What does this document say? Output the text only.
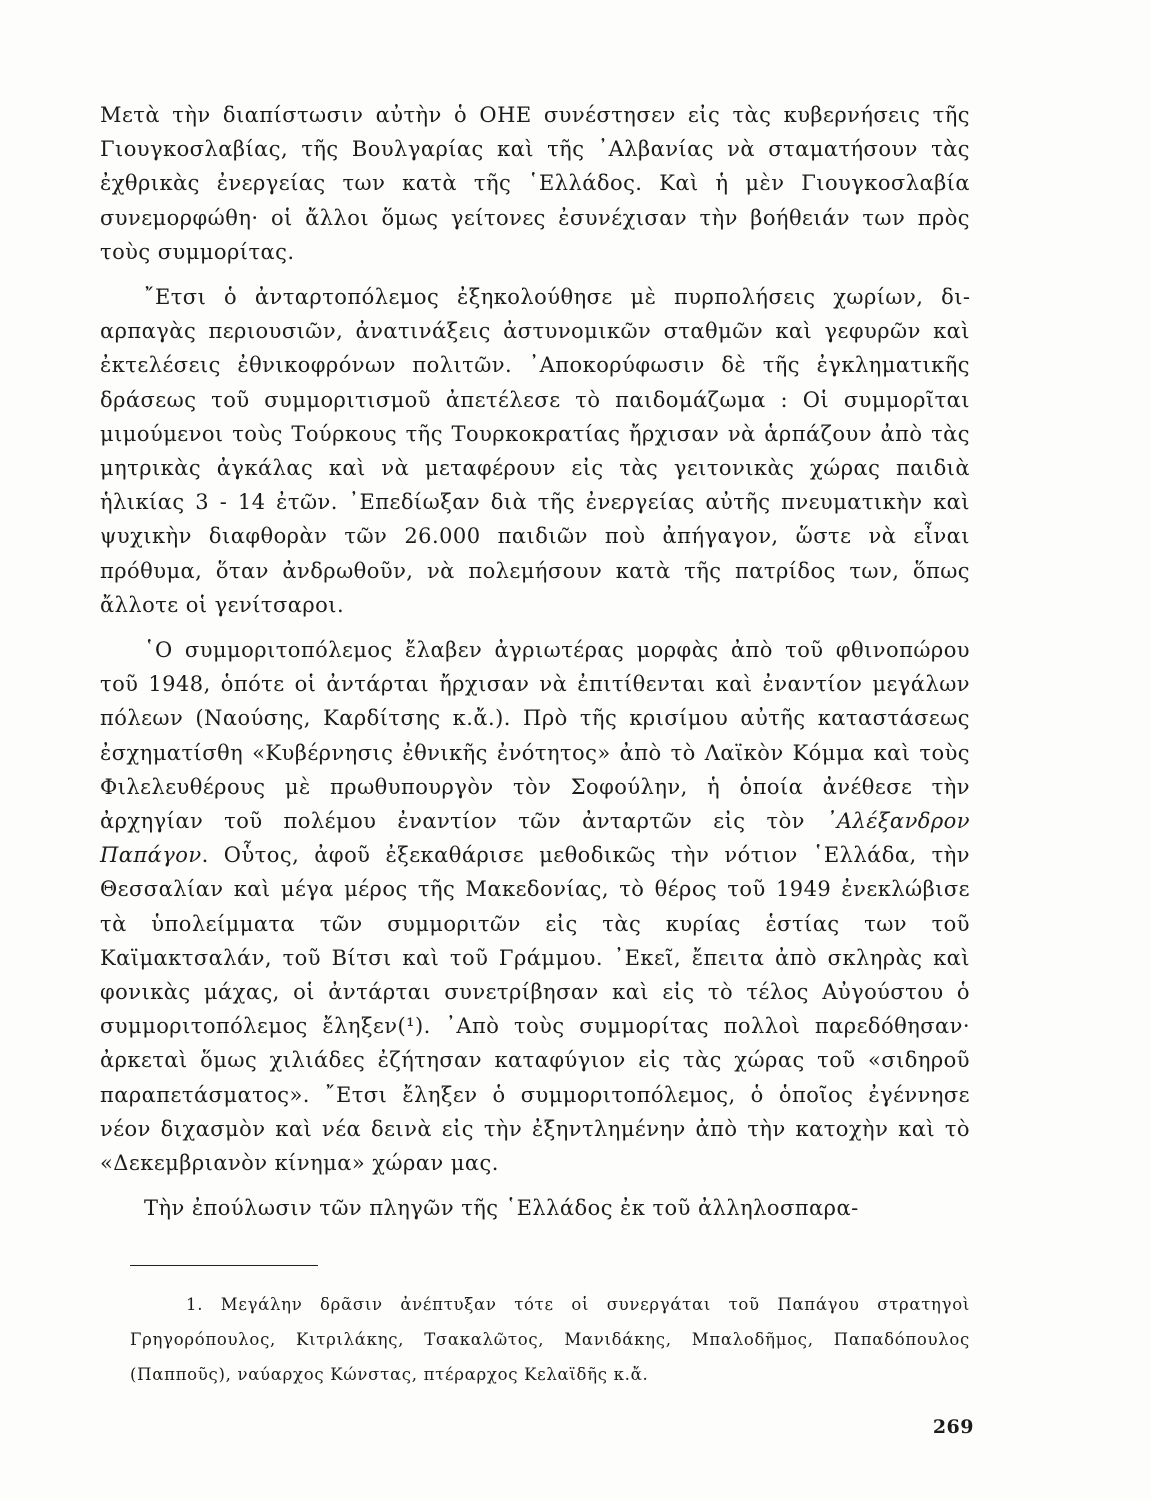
Μετὰ τὴν διαπίστωσιν αὐτὴν ὁ ΟΗΕ συνέστησεν εἰς τὰς κυβερνήσεις τῆς Γιουγκοσλαβίας, τῆς Βουλγαρίας καὶ τῆς ᾽Αλβανίας νὰ σταματήσουν τὰς ἐχθρικὰς ἐνεργείας των κατὰ τῆς ῾Ελλάδος. Καὶ ἡ μὲν Γιουγκοσλαβία συνεμορφώθη· οἱ ἄλλοι ὅμως γείτονες ἐσυνέχισαν τὴν βοήθειάν των πρὸς τοὺς συμμορίτας.

῎Ετσι ὁ ἀνταρτοπόλεμος ἐξηκολούθησε μὲ πυρπολήσεις χωρίων, διαρπαγὰς περιουσιῶν, ἀνατινάξεις ἀστυνομικῶν σταθμῶν καὶ γεφυρῶν καὶ ἐκτελέσεις ἐθνικοφρόνων πολιτῶν. ᾽Αποκορύφωσιν δὲ τῆς ἐγκληματικῆς δράσεως τοῦ συμμοριτισμοῦ ἀπετέλεσε τὸ παιδομάζωμα : Οἱ συμμορῖται μιμούμενοι τοὺς Τούρκους τῆς Τουρκοκρατίας ἤρχισαν νὰ ἁρπάζουν ἀπὸ τὰς μητρικὰς ἀγκάλας καὶ νὰ μεταφέρουν εἰς τὰς γειτονικὰς χώρας παιδιὰ ἡλικίας 3 - 14 ἐτῶν. ᾽Επεδίωξαν διὰ τῆς ἐνεργείας αὐτῆς πνευματικὴν καὶ ψυχικὴν διαφθορὰν τῶν 26.000 παιδιῶν ποὺ ἀπήγαγον, ὥστε νὰ εἶναι πρόθυμα, ὅταν ἀνδρωθοῦν, νὰ πολεμήσουν κατὰ τῆς πατρίδος των, ὅπως ἄλλοτε οἱ γενίτσαροι.

῾Ο συμμοριτοπόλεμος ἔλαβεν ἀγριωτέρας μορφὰς ἀπὸ τοῦ φθινοπώρου τοῦ 1948, ὁπότε οἱ ἀντάρται ἤρχισαν νὰ ἐπιτίθενται καὶ ἐναντίον μεγάλων πόλεων (Ναούσης, Καρδίτσης κ.ἄ.). Πρὸ τῆς κρισίμου αὐτῆς καταστάσεως ἐσχηματίσθη «Κυβέρνησις ἐθνικῆς ἐνότητος» ἀπὸ τὸ Λαϊκὸν Κόμμα καὶ τοὺς Φιλελευθέρους μὲ πρωθυπουργὸν τὸν Σοφούλην, ἡ ὁποία ἀνέθεσε τὴν ἀρχηγίαν τοῦ πολέμου ἐναντίον τῶν ἀνταρτῶν εἰς τὸν ᾽Αλέξανδρον Παπάγον. Οὗτος, ἀφοῦ ἐξεκαθάρισε μεθοδικῶς τὴν νότιον ῾Ελλάδα, τὴν Θεσσαλίαν καὶ μέγα μέρος τῆς Μακεδονίας, τὸ θέρος τοῦ 1949 ἐνεκλώβισε τὰ ὑπολείμματα τῶν συμμοριτῶν εἰς τὰς κυρίας ἑστίας των τοῦ Καϊμακτσαλάν, τοῦ Βίτσι καὶ τοῦ Γράμμου. ᾽Εκεῖ, ἔπειτα ἀπὸ σκληρὰς καὶ φονικὰς μάχας, οἱ ἀντάρται συνετρίβησαν καὶ εἰς τὸ τέλος Αὐγούστου ὁ συμμοριτοπόλεμος ἔληξεν(¹). ᾽Απὸ τοὺς συμμορίτας πολλοὶ παρεδόθησαν· ἀρκεταὶ ὅμως χιλιάδες ἐζήτησαν καταφύγιον εἰς τὰς χώρας τοῦ «σιδηροῦ παραπετάσματος». ῎Ετσι ἔληξεν ὁ συμμοριτοπόλεμος, ὁ ὁποῖος ἐγέννησε νέον διχασμὸν καὶ νέα δεινὰ εἰς τὴν ἐξηντλημένην ἀπὸ τὴν κατοχὴν καὶ τὸ «Δεκεμβριανὸν κίνημα» χώραν μας.

Τὴν ἐπούλωσιν τῶν πληγῶν τῆς ῾Ελλάδος ἐκ τοῦ ἀλληλοσπαρα-

1. Μεγάλην δρᾶσιν ἀνέπτυξαν τότε οἱ συνεργάται τοῦ Παπάγου στρατηγοὶ Γρηγορόπουλος, Κιτριλάκης, Τσακαλῶτος, Μανιδάκης, Μπαλοδῆμος, Παπαδόπουλος (Παπποῦς), ναύαρχος Κώνστας, πτέραρχος Κελαϊδῆς κ.ἄ.

269
